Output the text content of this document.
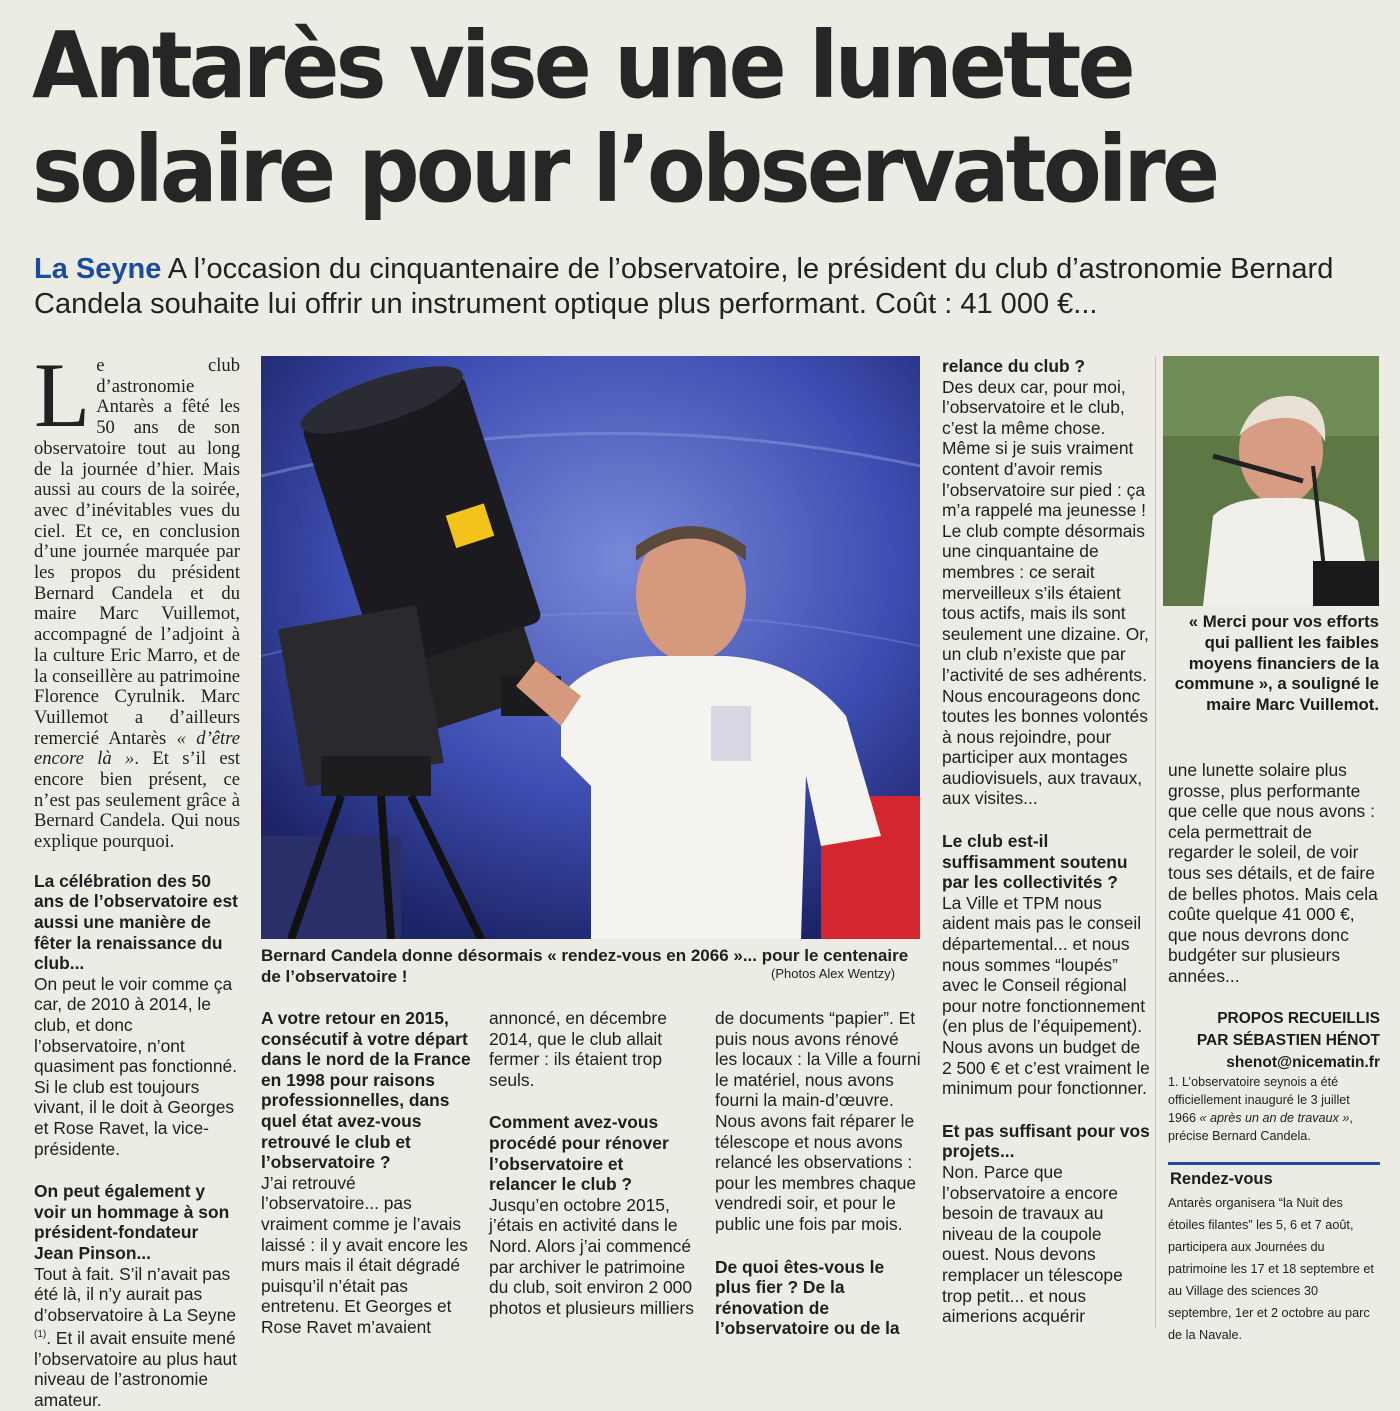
Antarès vise une lunette
solaire pour l’observatoire
La Seyne A l’occasion du cinquantenaire de l’observatoire, le président du club d’astronomie Bernard Candela souhaite lui offrir un instrument optique plus performant. Coût : 41 000 €...

Le club d’astronomie Antarès a fêté les 50 ans de son observatoire tout au long de la journée d’hier. Mais aussi au cours de la soirée, avec d’inévitables vues du ciel. Et ce, en conclusion d’une journée marquée par les propos du président Bernard Candela et du maire Marc Vuillemot, accompagné de l’adjoint à la culture Eric Marro, et de la conseillère au patrimoine Florence Cyrulnik. Marc Vuillemot a d’ailleurs remercié Antarès « d’être encore là ». Et s’il est encore bien présent, ce n’est pas seulement grâce à Bernard Candela. Qui nous explique pourquoi.

La célébration des 50 ans de l’observatoire est aussi une manière de fêter la renaissance du club...

On peut le voir comme ça car, de 2010 à 2014, le club, et donc l’observatoire, n’ont quasiment pas fonctionné. Si le club est toujours vivant, il le doit à Georges et Rose Ravet, la vice-présidente.

On peut également y voir un hommage à son président-fondateur Jean Pinson...

Tout à fait. S’il n’avait pas été là, il n’y aurait pas d’observatoire à La Seyne $^{(1)}$. Et il avait ensuite mené l’observatoire au plus haut niveau de l’astronomie amateur.

Bernard Candela donne désormais « rendez-vous en 2066 »... pour le centenaire de l’observatoire !	(Photos Alex Wentzy)

A votre retour en 2015, consécutif à votre départ dans le nord de la France en 1998 pour raisons professionnelles, dans quel état avez-vous retrouvé le club et l’observatoire ?

J’ai retrouvé l’observatoire... pas vraiment comme je l’avais laissé : il y avait encore les murs mais il était dégradé puisqu’il n’était pas entretenu. Et Georges et Rose Ravet m’avaient

annoncé, en décembre 2014, que le club allait fermer : ils étaient trop seuls.

Comment avez-vous procédé pour rénover l’observatoire et relancer le club ?

Jusqu’en octobre 2015, j’étais en activité dans le Nord. Alors j’ai commencé par archiver le patrimoine du club, soit environ 2 000 photos et plusieurs milliers

de documents “papier”. Et puis nous avons rénové les locaux : la Ville a fourni le matériel, nous avons fourni la main-d’œuvre. Nous avons fait réparer le télescope et nous avons relancé les observations : pour les membres chaque vendredi soir, et pour le public une fois par mois.

De quoi êtes-vous le plus fier ? De la rénovation de l’observatoire ou de la

relance du club ?

Des deux car, pour moi, l’observatoire et le club, c’est la même chose. Même si je suis vraiment content d’avoir remis l’observatoire sur pied : ça m’a rappelé ma jeunesse !

Le club compte désormais une cinquantaine de membres : ce serait merveilleux s’ils étaient tous actifs, mais ils sont seulement une dizaine. Or, un club n’existe que par l’activité de ses adhérents. Nous encourageons donc toutes les bonnes volontés à nous rejoindre, pour participer aux montages audiovisuels, aux travaux, aux visites...

Le club est-il suffisamment soutenu par les collectivités ?

La Ville et TPM nous aident mais pas le conseil départemental... et nous nous sommes “loupés” avec le Conseil régional pour notre fonctionnement (en plus de l’équipement). Nous avons un budget de 2 500 € et c’est vraiment le minimum pour fonctionner.

Et pas suffisant pour vos projets...

Non. Parce que l’observatoire a encore besoin de travaux au niveau de la coupole ouest. Nous devons remplacer un télescope trop petit... et nous aimerions acquérir

« Merci pour vos efforts qui pallient les faibles moyens financiers de la commune », a souligné le maire Marc Vuillemot.

une lunette solaire plus grosse, plus performante que celle que nous avons : cela permettrait de regarder le soleil, de voir tous ses détails, et de faire de belles photos. Mais cela coûte quelque 41 000 €, que nous devrons donc budgéter sur plusieurs années...

PROPOS RECUEILLIS
PAR SÉBASTIEN HÉNOT
shenot@nicematin.fr
1. L’observatoire seynois a été officiellement inauguré le 3 juillet 1966 « après un an de travaux », précise Bernard Candela.
Rendez-vous
Antarès organisera “la Nuit des étoiles filantes” les 5, 6 et 7 août, participera aux Journées du patrimoine les 17 et 18 septembre et au Village des sciences 30 septembre, 1er et 2 octobre au parc de la Navale.
